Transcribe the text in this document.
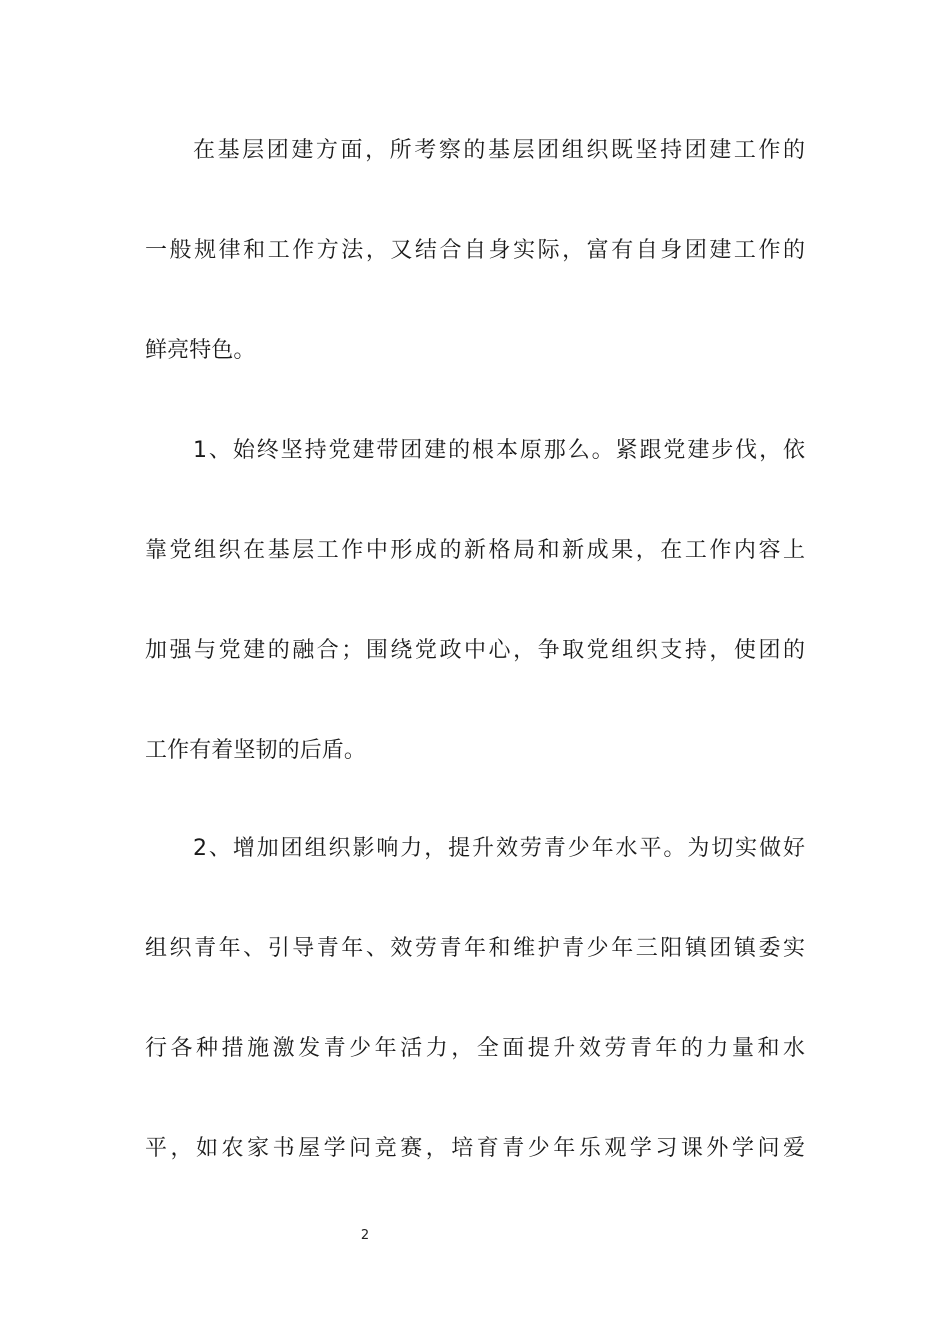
在基层团建方面，所考察的基层团组织既坚持团建工作的
一般规律和工作方法，又结合自身实际，富有自身团建工作的
鲜亮特色。
1、始终坚持党建带团建的根本原那么。紧跟党建步伐，依
靠党组织在基层工作中形成的新格局和新成果，在工作内容上
加强与党建的融合；围绕党政中心，争取党组织支持，使团的
工作有着坚韧的后盾。
2、增加团组织影响力，提升效劳青少年水平。为切实做好
组织青年、引导青年、效劳青年和维护青少年三阳镇团镇委实
行各种措施激发青少年活力，全面提升效劳青年的力量和水
平，如农家书屋学问竞赛，培育青少年乐观学习课外学问爱
2
